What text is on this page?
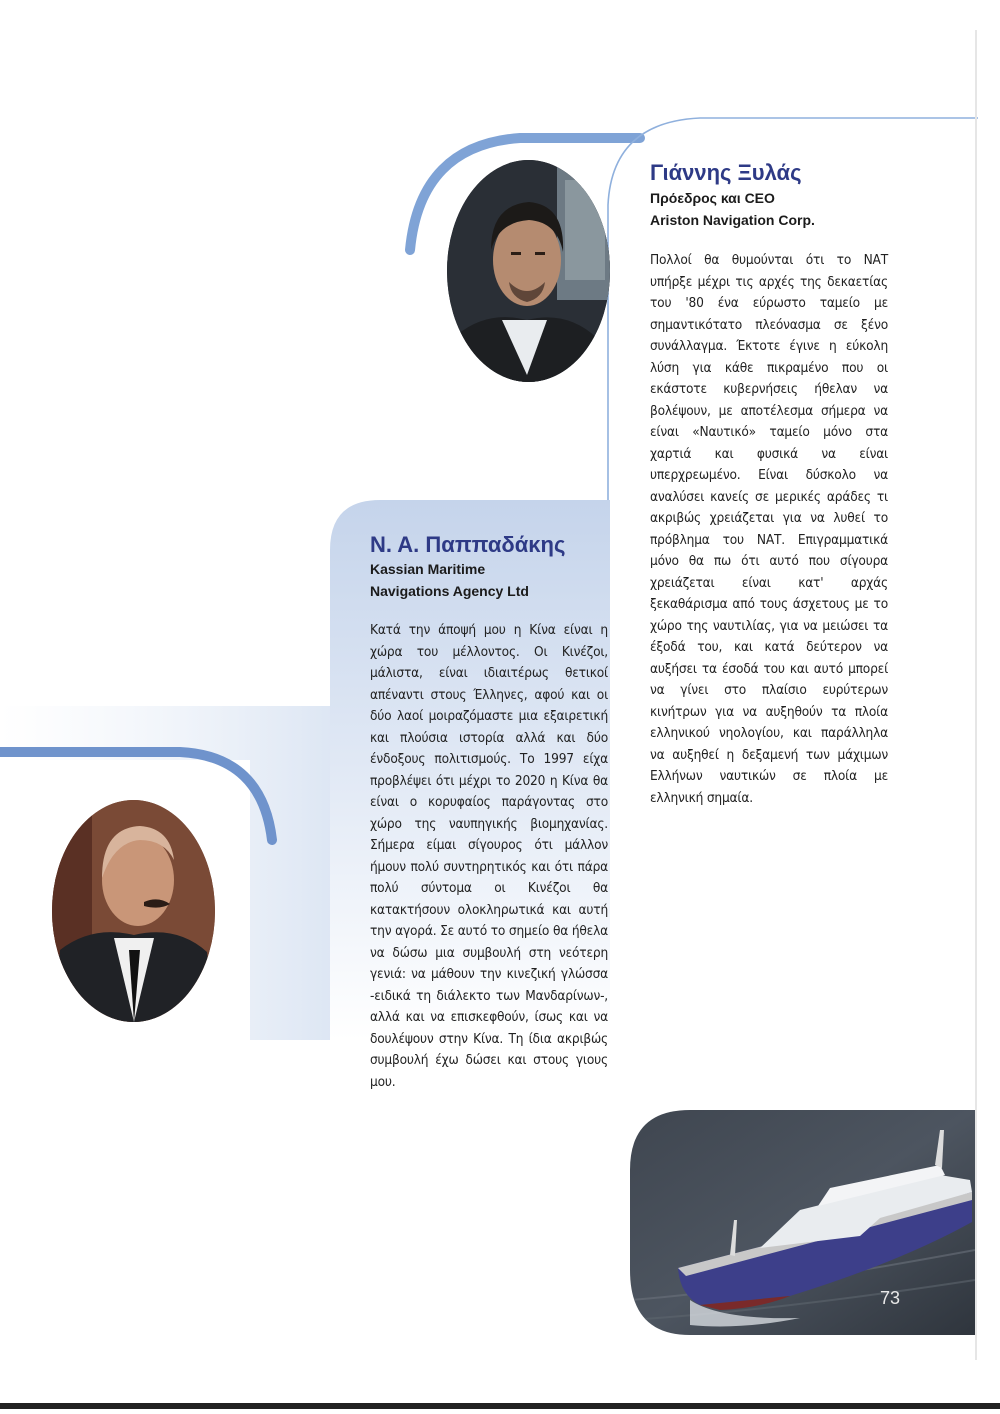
Γιάννης Ξυλάς

Πρόεδρος και CEO

Ariston Navigation Corp.

Πολλοί θα θυμούνται ότι το ΝΑΤ υπήρξε μέχρι τις αρχές της δεκαετίας του '80 ένα εύρωστο ταμείο με σημαντικότατο πλεόνασμα σε ξένο συνάλλαγμα. Έκτοτε έγινε η εύκολη λύση για κάθε πικραμένο που οι εκάστοτε κυβερνήσεις ήθελαν να βολέψουν, με αποτέλεσμα σήμερα να είναι «Ναυτικό» ταμείο μόνο στα χαρτιά και φυσικά να είναι υπερχρεωμένο. Είναι δύσκολο να αναλύσει κανείς σε μερικές αράδες τι ακριβώς χρειάζεται για να λυθεί το πρόβλημα του ΝΑΤ. Επιγραμματικά μόνο θα πω ότι αυτό που σίγουρα χρειάζεται είναι κατ' αρχάς ξεκαθάρισμα από τους άσχετους με το χώρο της ναυτιλίας, για να μειώσει τα έξοδά του, και κατά δεύτερον να αυξήσει τα έσοδά του και αυτό μπορεί να γίνει στο πλαίσιο ευρύτερων κινήτρων για να αυξηθούν τα πλοία ελληνικού νηολογίου, και παράλληλα να αυξηθεί η δεξαμενή των μάχιμων Ελλήνων ναυτικών σε πλοία με ελληνική σημαία.

Ν. Α. Παππαδάκης

Kassian Maritime

Navigations Agency Ltd

Κατά την άποψή μου η Κίνα είναι η χώρα του μέλλοντος. Οι Κινέζοι, μάλιστα, είναι ιδιαιτέρως θετικοί απέναντι στους Έλληνες, αφού και οι δύο λαοί μοιραζόμαστε μια εξαιρετική και πλούσια ιστορία αλλά και δύο ένδοξους πολιτισμούς. Το 1997 είχα προβλέψει ότι μέχρι το 2020 η Κίνα θα είναι ο κορυφαίος παράγοντας στο χώρο της ναυπηγικής βιομηχανίας. Σήμερα είμαι σίγουρος ότι μάλλον ήμουν πολύ συντηρητικός και ότι πάρα πολύ σύντομα οι Κινέζοι θα κατακτήσουν ολοκληρωτικά και αυτή την αγορά. Σε αυτό το σημείο θα ήθελα να δώσω μια συμβουλή στη νεότερη γενιά: να μάθουν την κινεζική γλώσσα -ειδικά τη διάλεκτο των Μανδαρίνων-, αλλά και να επισκεφθούν, ίσως και να δουλέψουν στην Κίνα. Τη ίδια ακριβώς συμβουλή έχω δώσει και στους γιους μου.

73
